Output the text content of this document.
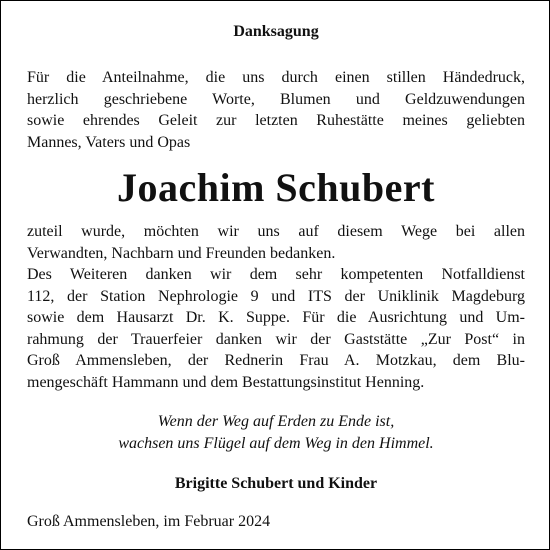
Danksagung

Für die Anteilnahme, die uns durch einen stillen Händedruck,
herzlich geschriebene Worte, Blumen und Geldzuwendungen
sowie ehrendes Geleit zur letzten Ruhestätte meines geliebten
Mannes, Vaters und Opas

Joachim Schubert

zuteil wurde, möchten wir uns auf diesem Wege bei allen
Verwandten, Nachbarn und Freunden bedanken.

Des Weiteren danken wir dem sehr kompetenten Notfalldienst
112, der Station Nephrologie 9 und ITS der Uniklinik Magdeburg
sowie dem Hausarzt Dr. K. Suppe. Für die Ausrichtung und Um-
rahmung der Trauerfeier danken wir der Gaststätte „Zur Post“ in
Groß Ammensleben, der Rednerin Frau A. Motzkau, dem Blu-
mengeschäft Hammann und dem Bestattungsinstitut Henning.

Wenn der Weg auf Erden zu Ende ist,
wachsen uns Flügel auf dem Weg in den Himmel.
Brigitte Schubert und Kinder
Groß Ammensleben, im Februar 2024
